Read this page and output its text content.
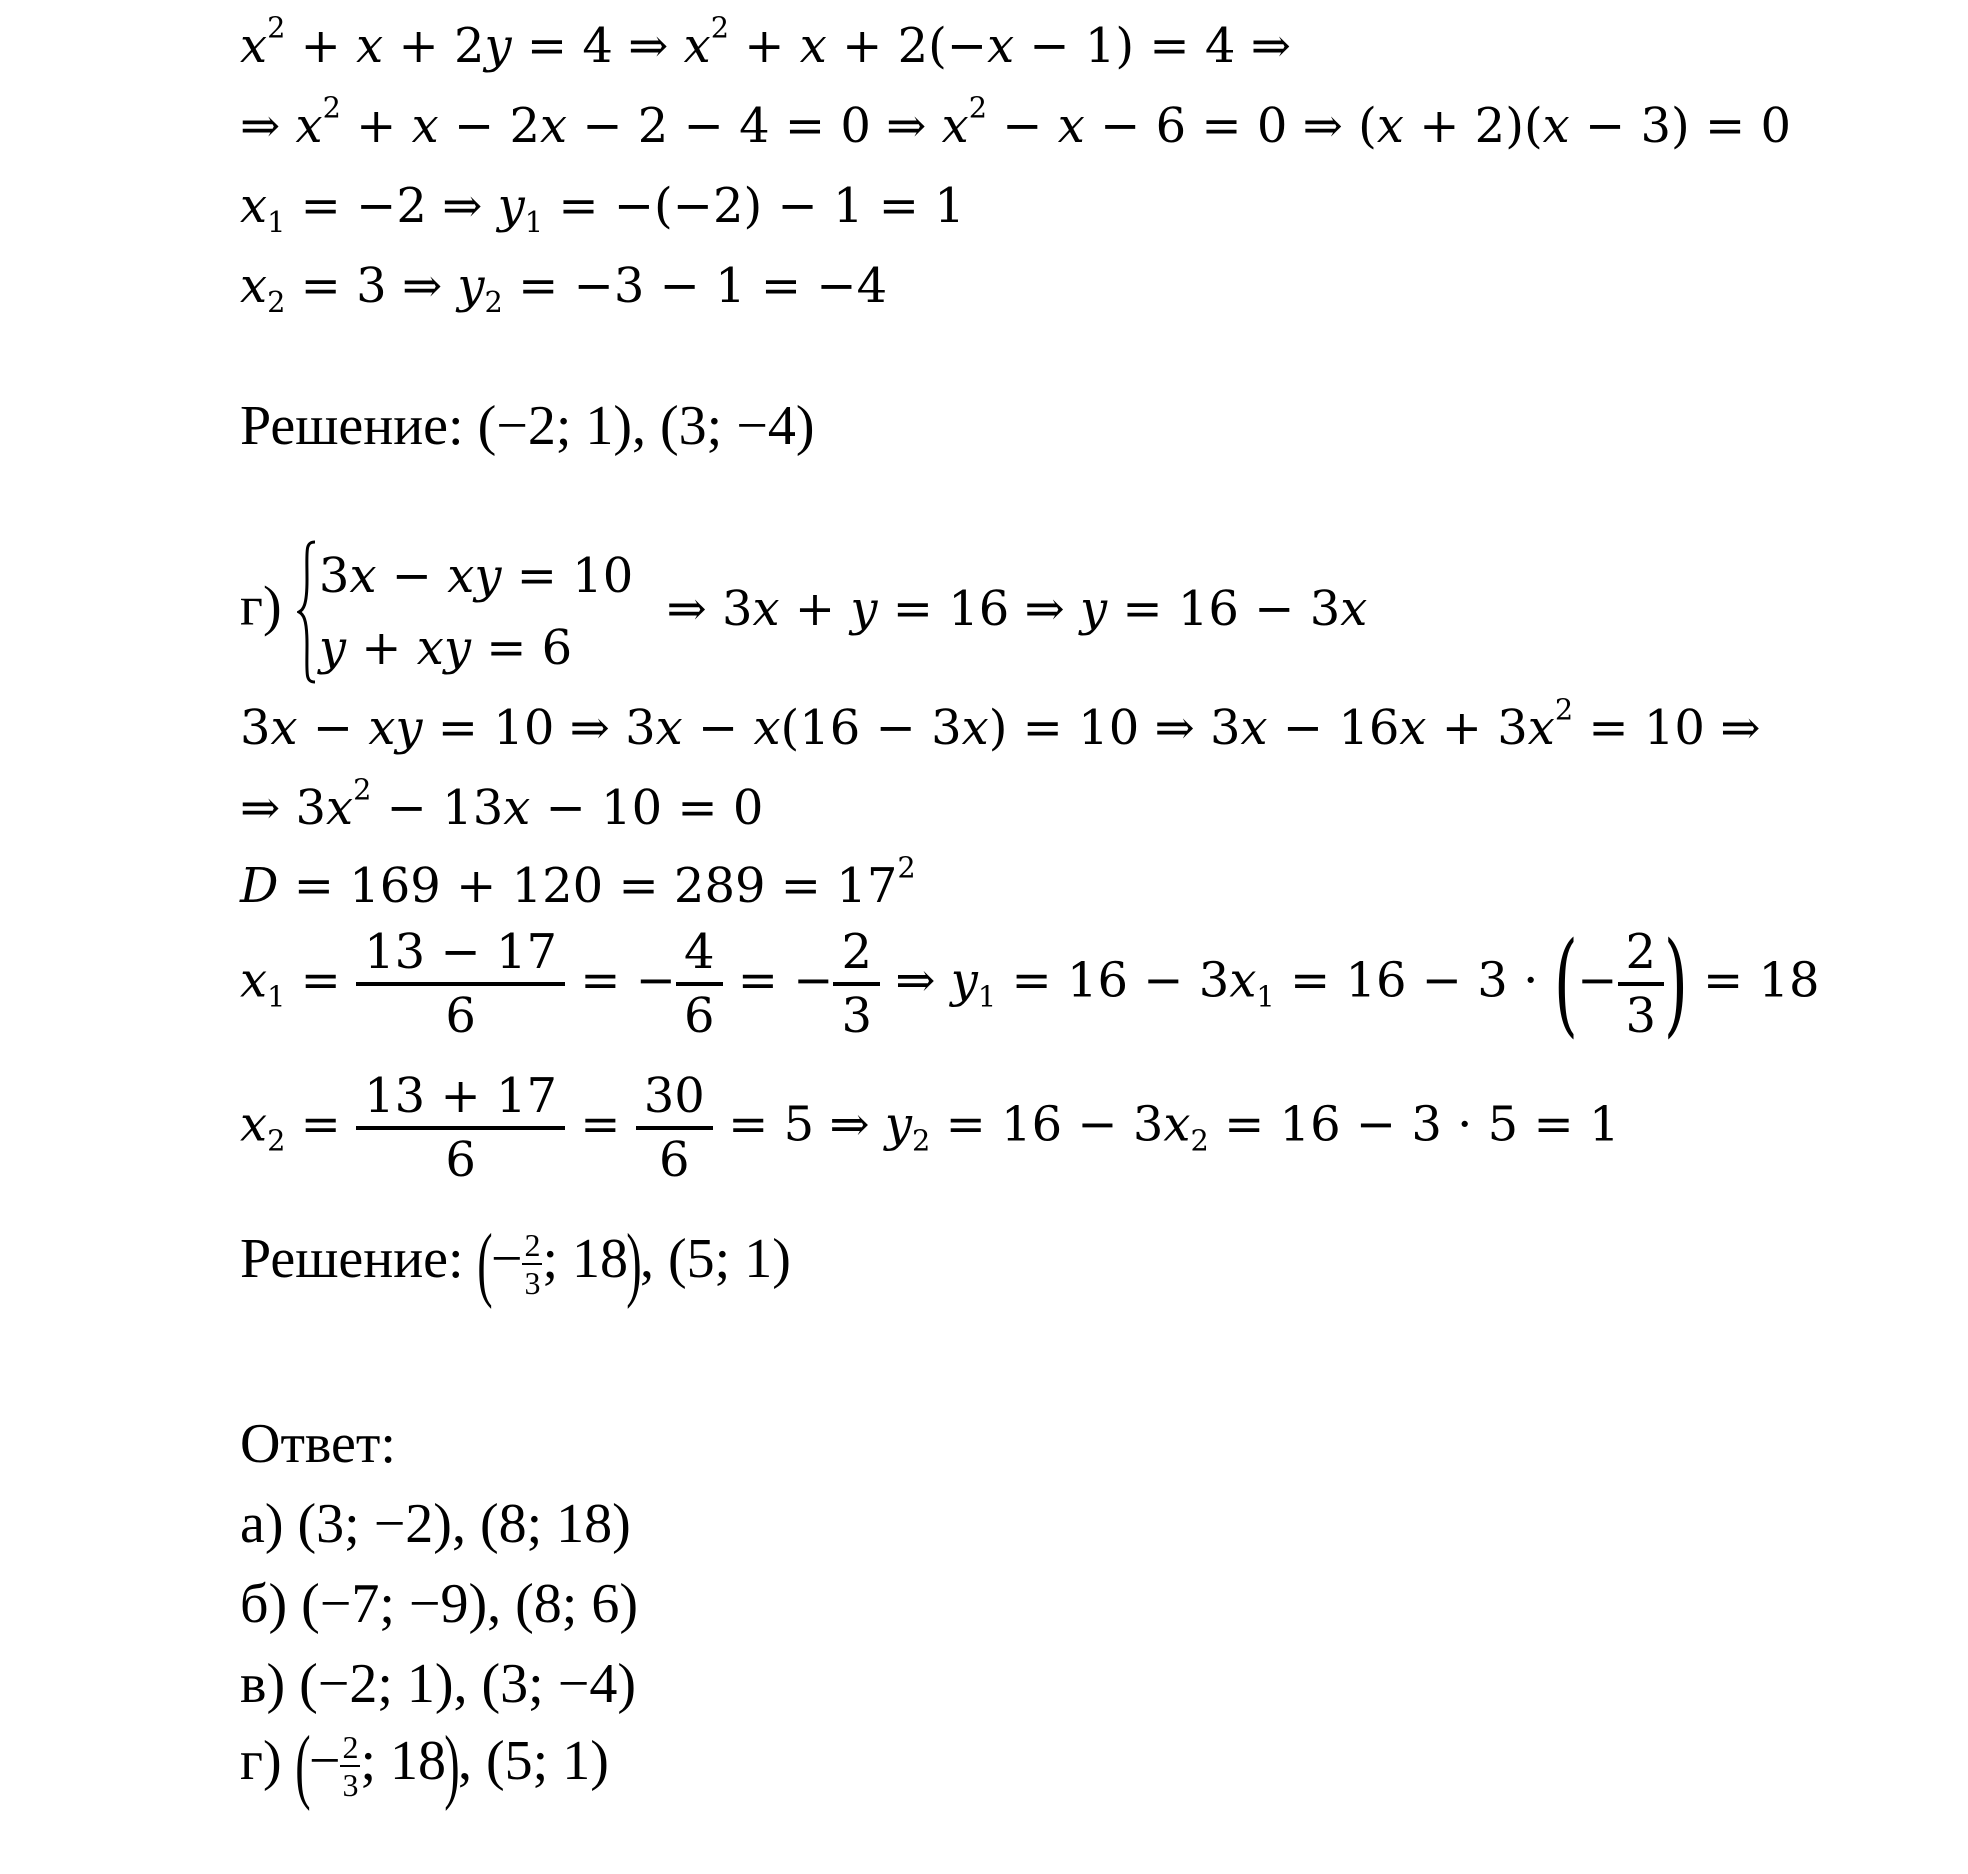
$x^2 + x + 2y = 4$ ⇒ $x^2 + x + 2(-x - 1) = 4$ ⇒
⇒ $x^2 + x - 2x - 2 - 4 = 0$ ⇒ $x^2 - x - 6 = 0$ ⇒ (x + 2)(x − 3) = 0
$x_1 = -2$ ⇒ $y_1 = -(-2) - 1 = 1$
$x_2 = 3$ ⇒ $y_2 = -3 - 1 = -4$
Решение: (−2; 1), (3; −4)
г) 3x − xy = 10
y + xy = 6
⇒ 3x + y = 16 ⇒ y = 16 − 3x
3x − xy = 10 ⇒ 3x − x(16 − 3x) = 10 ⇒ $3x - 16x + 3x^2 = 10$ ⇒
⇒ $3x^2 - 13x - 10 = 0$
$D = 169 + 120 = 289 = 17^2$
$x_1 = \frac{13 - 17}{6}$ = − $\frac{4}{6}$ = − $\frac{2}{3}$ ⇒ $y_1 = 16 - 3x_1 = 16 - 3$ · (− $\frac{2}{3}$ ) = 18
$x_2 = \frac{13 + 17}{6} = \frac{30}{6} = 5$ ⇒ $y_2 = 16 - 3x_2 = 16 - 3 \cdot 5 = 1$
Решение: (− $\frac{2}{3}$ ; 18), (5; 1)
Ответ:
а) (3; −2), (8; 18)
б) (−7; −9), (8; 6)
в) (−2; 1), (3; −4)
г) (− $\frac{2}{3}$ ; 18), (5; 1)
